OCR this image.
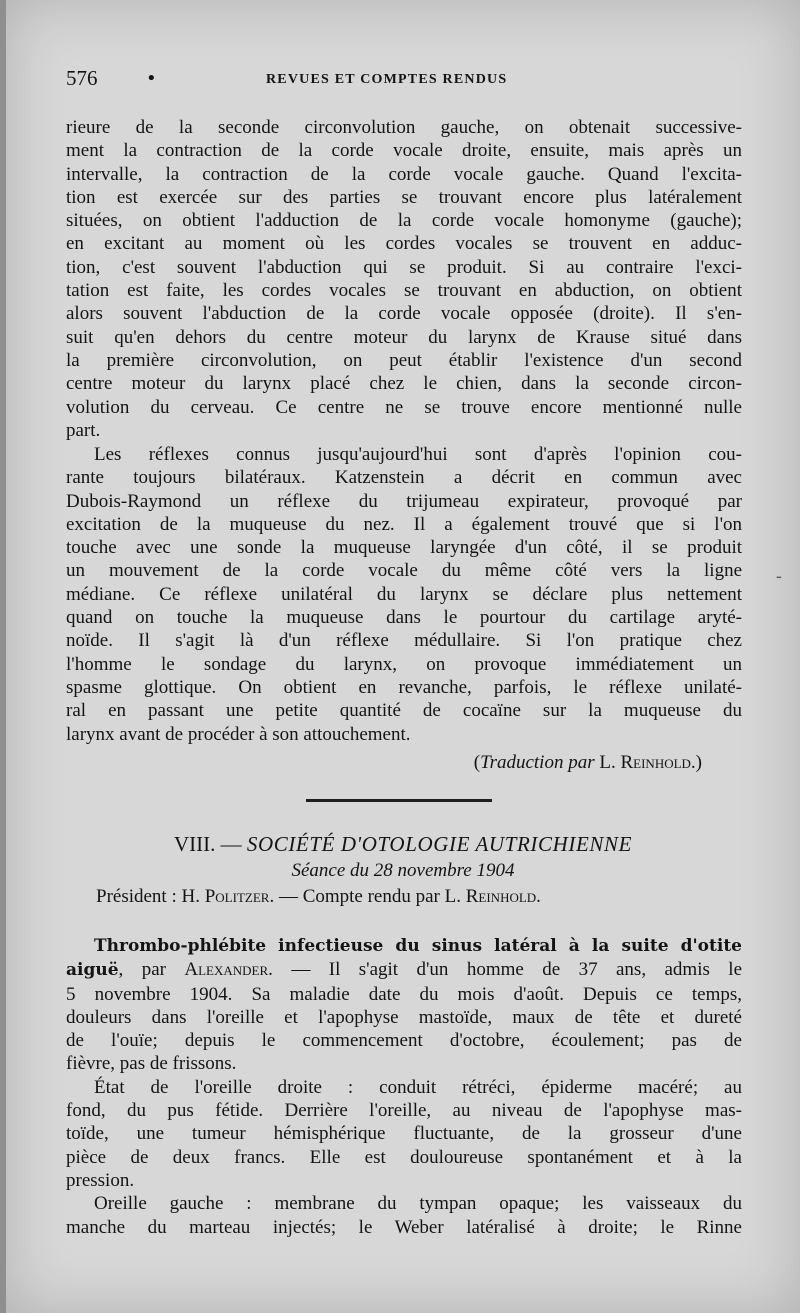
576	•	REVUES ET COMPTES RENDUS
rieure de la seconde circonvolution gauche, on obtenait successive-
ment la contraction de la corde vocale droite, ensuite, mais après un
intervalle, la contraction de la corde vocale gauche. Quand l'excita-
tion est exercée sur des parties se trouvant encore plus latéralement
situées, on obtient l'adduction de la corde vocale homonyme (gauche);
en excitant au moment où les cordes vocales se trouvent en adduc-
tion, c'est souvent l'abduction qui se produit. Si au contraire l'exci-
tation est faite, les cordes vocales se trouvant en abduction, on obtient
alors souvent l'abduction de la corde vocale opposée (droite). Il s'en-
suit qu'en dehors du centre moteur du larynx de Krause situé dans
la première circonvolution, on peut établir l'existence d'un second
centre moteur du larynx placé chez le chien, dans la seconde circon-
volution du cerveau. Ce centre ne se trouve encore mentionné nulle
part.
Les réflexes connus jusqu'aujourd'hui sont d'après l'opinion cou-
rante toujours bilatéraux. Katzenstein a décrit en commun avec
Dubois-Raymond un réflexe du trijumeau expirateur, provoqué par
excitation de la muqueuse du nez. Il a également trouvé que si l'on
touche avec une sonde la muqueuse laryngée d'un côté, il se produit
un mouvement de la corde vocale du même côté vers la ligne
médiane. Ce réflexe unilatéral du larynx se déclare plus nettement
quand on touche la muqueuse dans le pourtour du cartilage aryté-
noïde. Il s'agit là d'un réflexe médullaire. Si l'on pratique chez
l'homme le sondage du larynx, on provoque immédiatement un
spasme glottique. On obtient en revanche, parfois, le réflexe unilaté-
ral en passant une petite quantité de cocaïne sur la muqueuse du
larynx avant de procéder à son attouchement.
(Traduction par L. Reinhold.)
VIII. — SOCIÉTÉ D'OTOLOGIE AUTRICHIENNE
Séance du 28 novembre 1904
Président : H. Politzer. — Compte rendu par L. Reinhold.
Thrombo-phlébite infectieuse du sinus latéral à la suite d'otite
aiguë, par Alexander. — Il s'agit d'un homme de 37 ans, admis le
5 novembre 1904. Sa maladie date du mois d'août. Depuis ce temps,
douleurs dans l'oreille et l'apophyse mastoïde, maux de tête et dureté
de l'ouïe; depuis le commencement d'octobre, écoulement; pas de
fièvre, pas de frissons.
État de l'oreille droite : conduit rétréci, épiderme macéré; au
fond, du pus fétide. Derrière l'oreille, au niveau de l'apophyse mas-
toïde, une tumeur hémisphérique fluctuante, de la grosseur d'une
pièce de deux francs. Elle est douloureuse spontanément et à la
pression.
Oreille gauche : membrane du tympan opaque; les vaisseaux du
manche du marteau injectés; le Weber latéralisé à droite; le Rinne
-
